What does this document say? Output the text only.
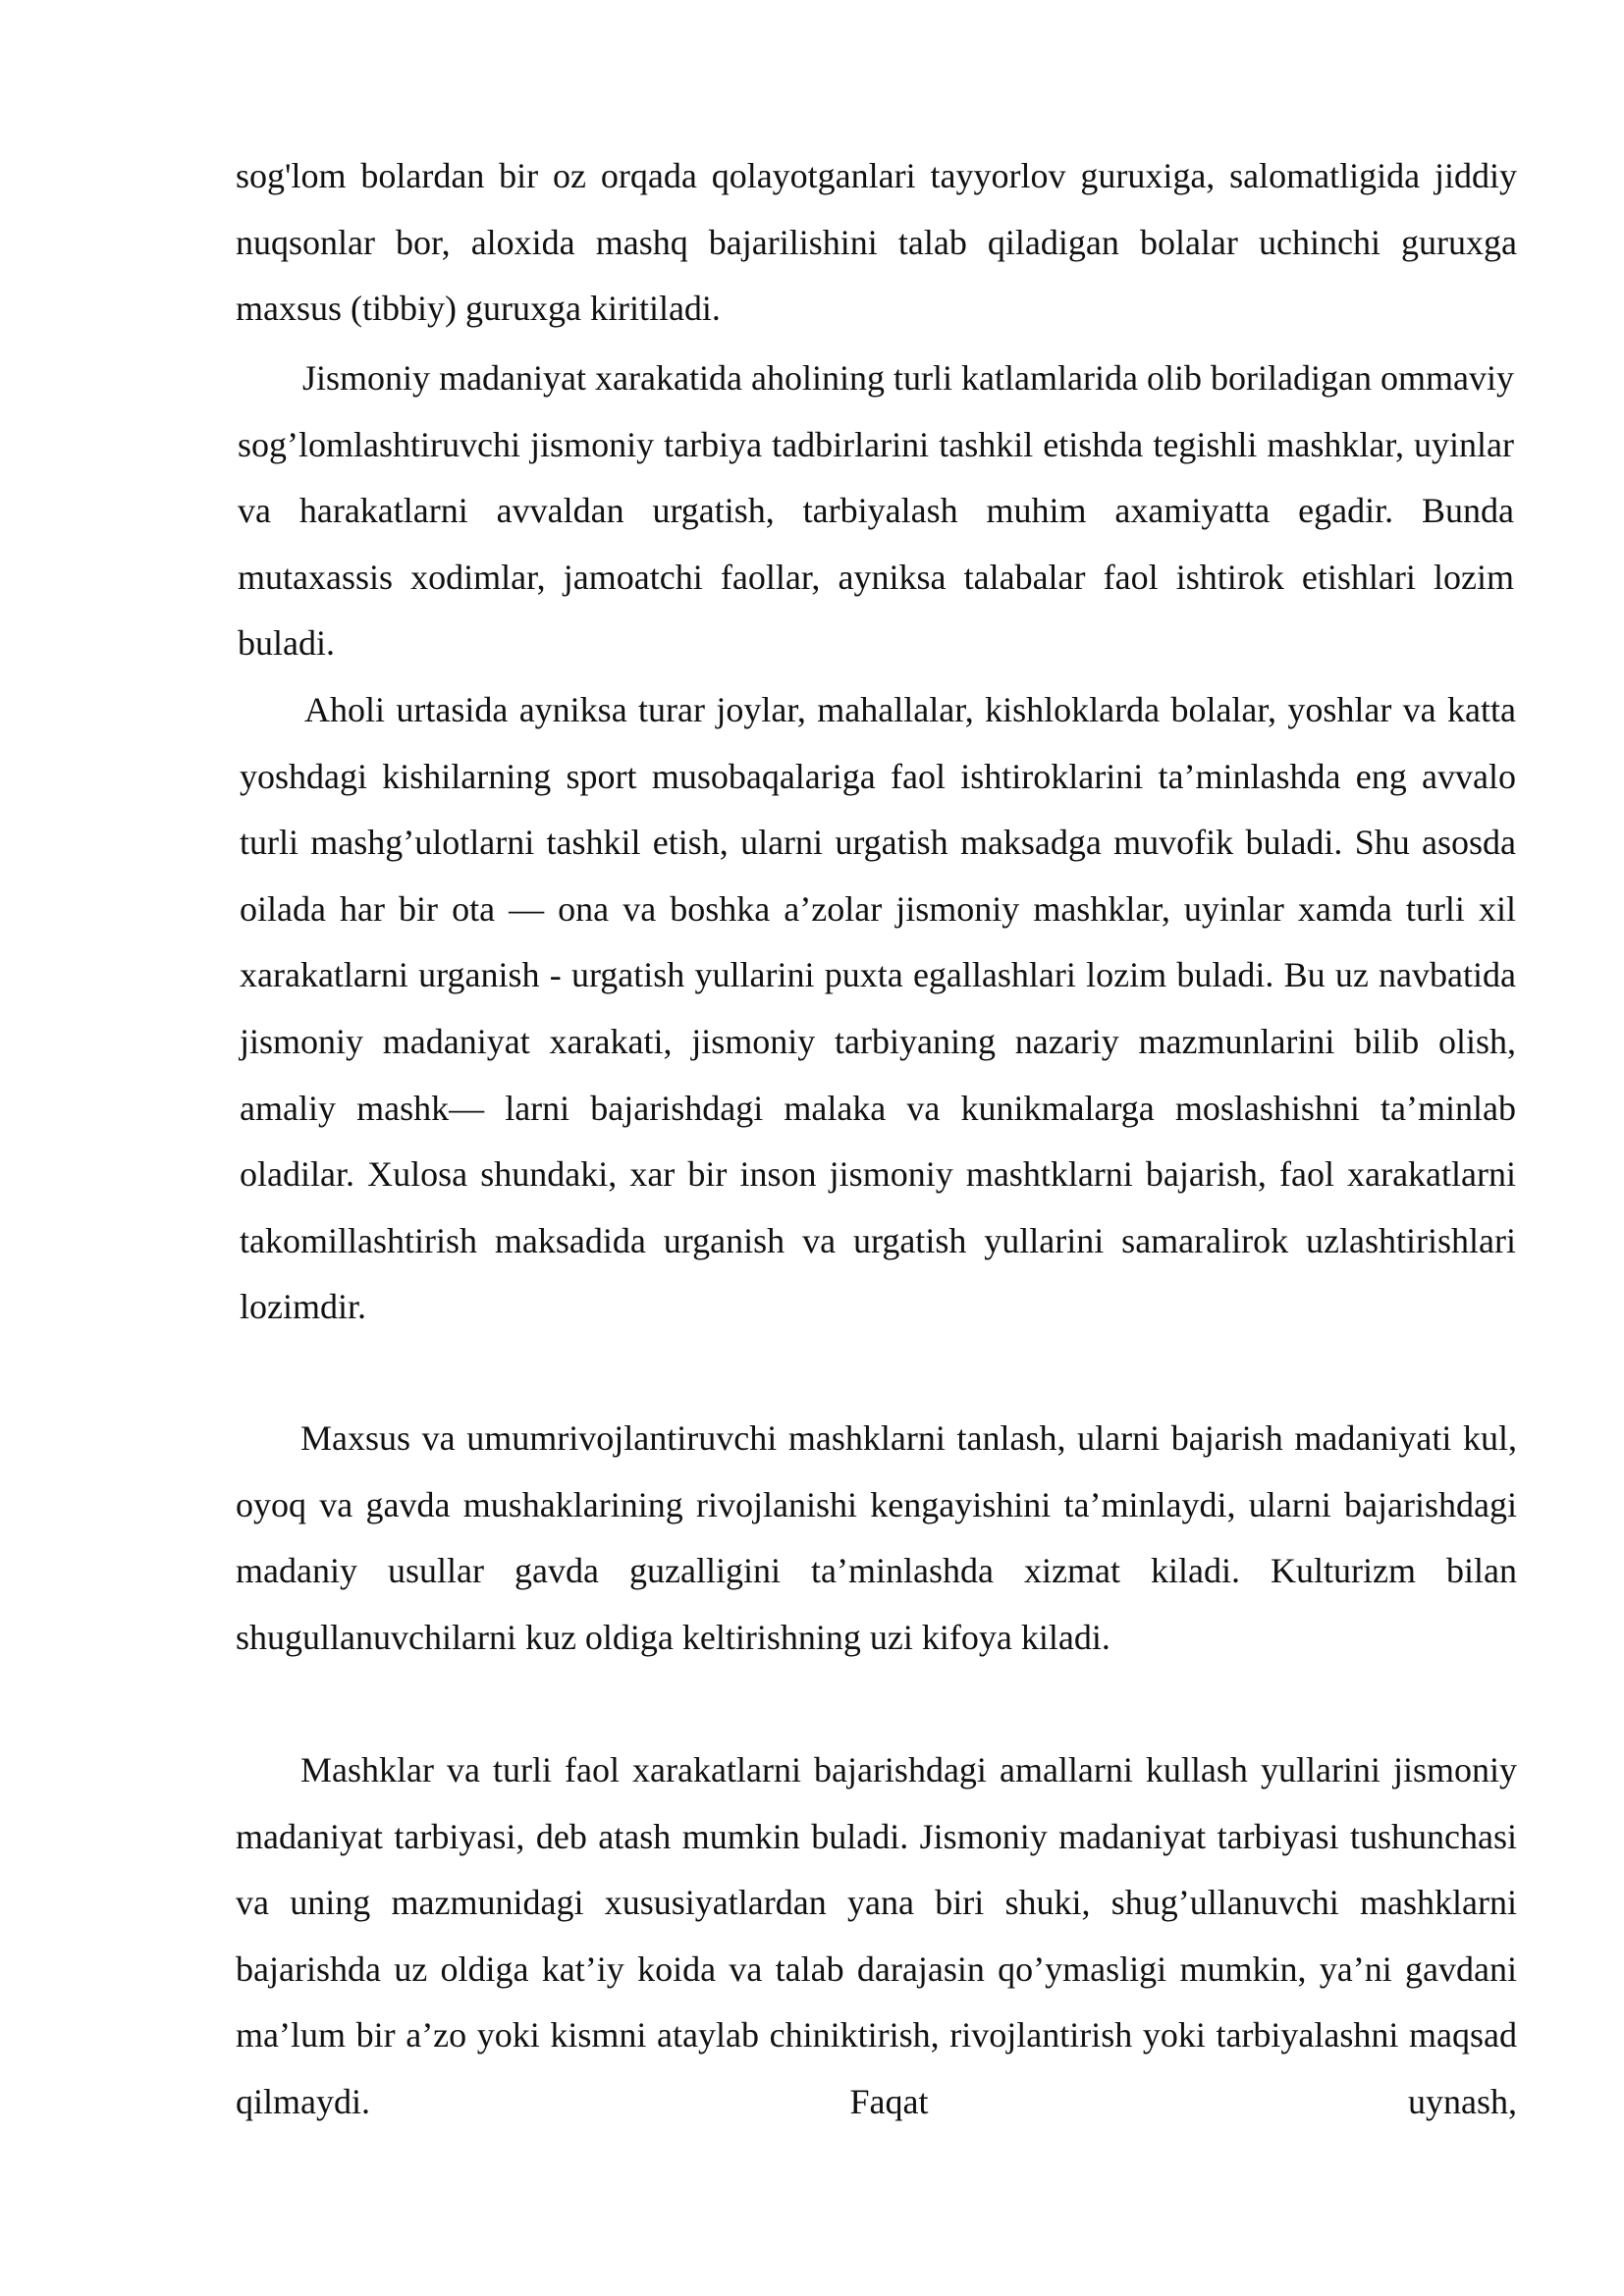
sog'lom bolardan bir oz orqada qolayotganlari tayyorlov guruxiga, salomatligida jiddiy nuqsonlar bor, aloxida mashq bajarilishini talab qiladigan bolalar uchinchi guruxga maxsus (tibbiy) guruxga kiritiladi.

Jismoniy madaniyat xarakatida aholining turli katlamlarida olib boriladigan ommaviy sog’lomlashtiruvchi jismoniy tarbiya tadbirlarini tashkil etishda tegishli mashklar, uyinlar va harakatlarni avvaldan urgatish, tarbiyalash muhim axamiyatta egadir. Bunda mutaxassis xodimlar, jamoatchi faollar, ayniksa talabalar faol ishtirok etishlari lozim buladi.

Aholi urtasida ayniksa turar joylar, mahallalar, kishloklarda bolalar, yoshlar va katta yoshdagi kishilarning sport musobaqalariga faol ishtiroklarini ta’minlashda eng avvalo turli mashg’ulotlarni tashkil etish, ularni urgatish maksadga muvofik buladi. Shu asosda oilada har bir ota — ona va boshka a’zolar jismoniy mashklar, uyinlar xamda turli xil xarakatlarni urganish - urgatish yullarini puxta egallashlari lozim buladi. Bu uz navbatida jismoniy madaniyat xarakati, jismoniy tarbiyaning nazariy mazmunlarini bilib olish, amaliy mashk— larni bajarishdagi malaka va kunikmalarga moslashishni ta’minlab oladilar. Xulosa shundaki, xar bir inson jismoniy mashtklarni bajarish, faol xarakatlarni takomillashtirish maksadida urganish va urgatish yullarini samaralirok uzlashtirishlari lozimdir.

Maxsus va umumrivojlantiruvchi mashklarni tanlash, ularni bajarish madaniyati kul, oyoq va gavda mushaklarining rivojlanishi kengayishini ta’minlaydi, ularni bajarishdagi madaniy usullar gavda guzalligini ta’minlashda xizmat kiladi. Kulturizm bilan shugullanuvchilarni kuz oldiga keltirishning uzi kifoya kiladi.

Mashklar va turli faol xarakatlarni bajarishdagi amallarni kullash yullarini jismoniy madaniyat tarbiyasi, deb atash mumkin buladi. Jismoniy madaniyat tarbiyasi tushunchasi va uning mazmunidagi xususiyatlardan yana biri shuki, shug’ullanuvchi mashklarni bajarishda uz oldiga kat’iy koida va talab darajasin qo’ymasligi mumkin, ya’ni gavdani ma’lum bir a’zo yoki kismni ataylab chiniktirish, rivojlantirish yoki tarbiyalashni maqsad qilmaydi. Faqat uynash,
